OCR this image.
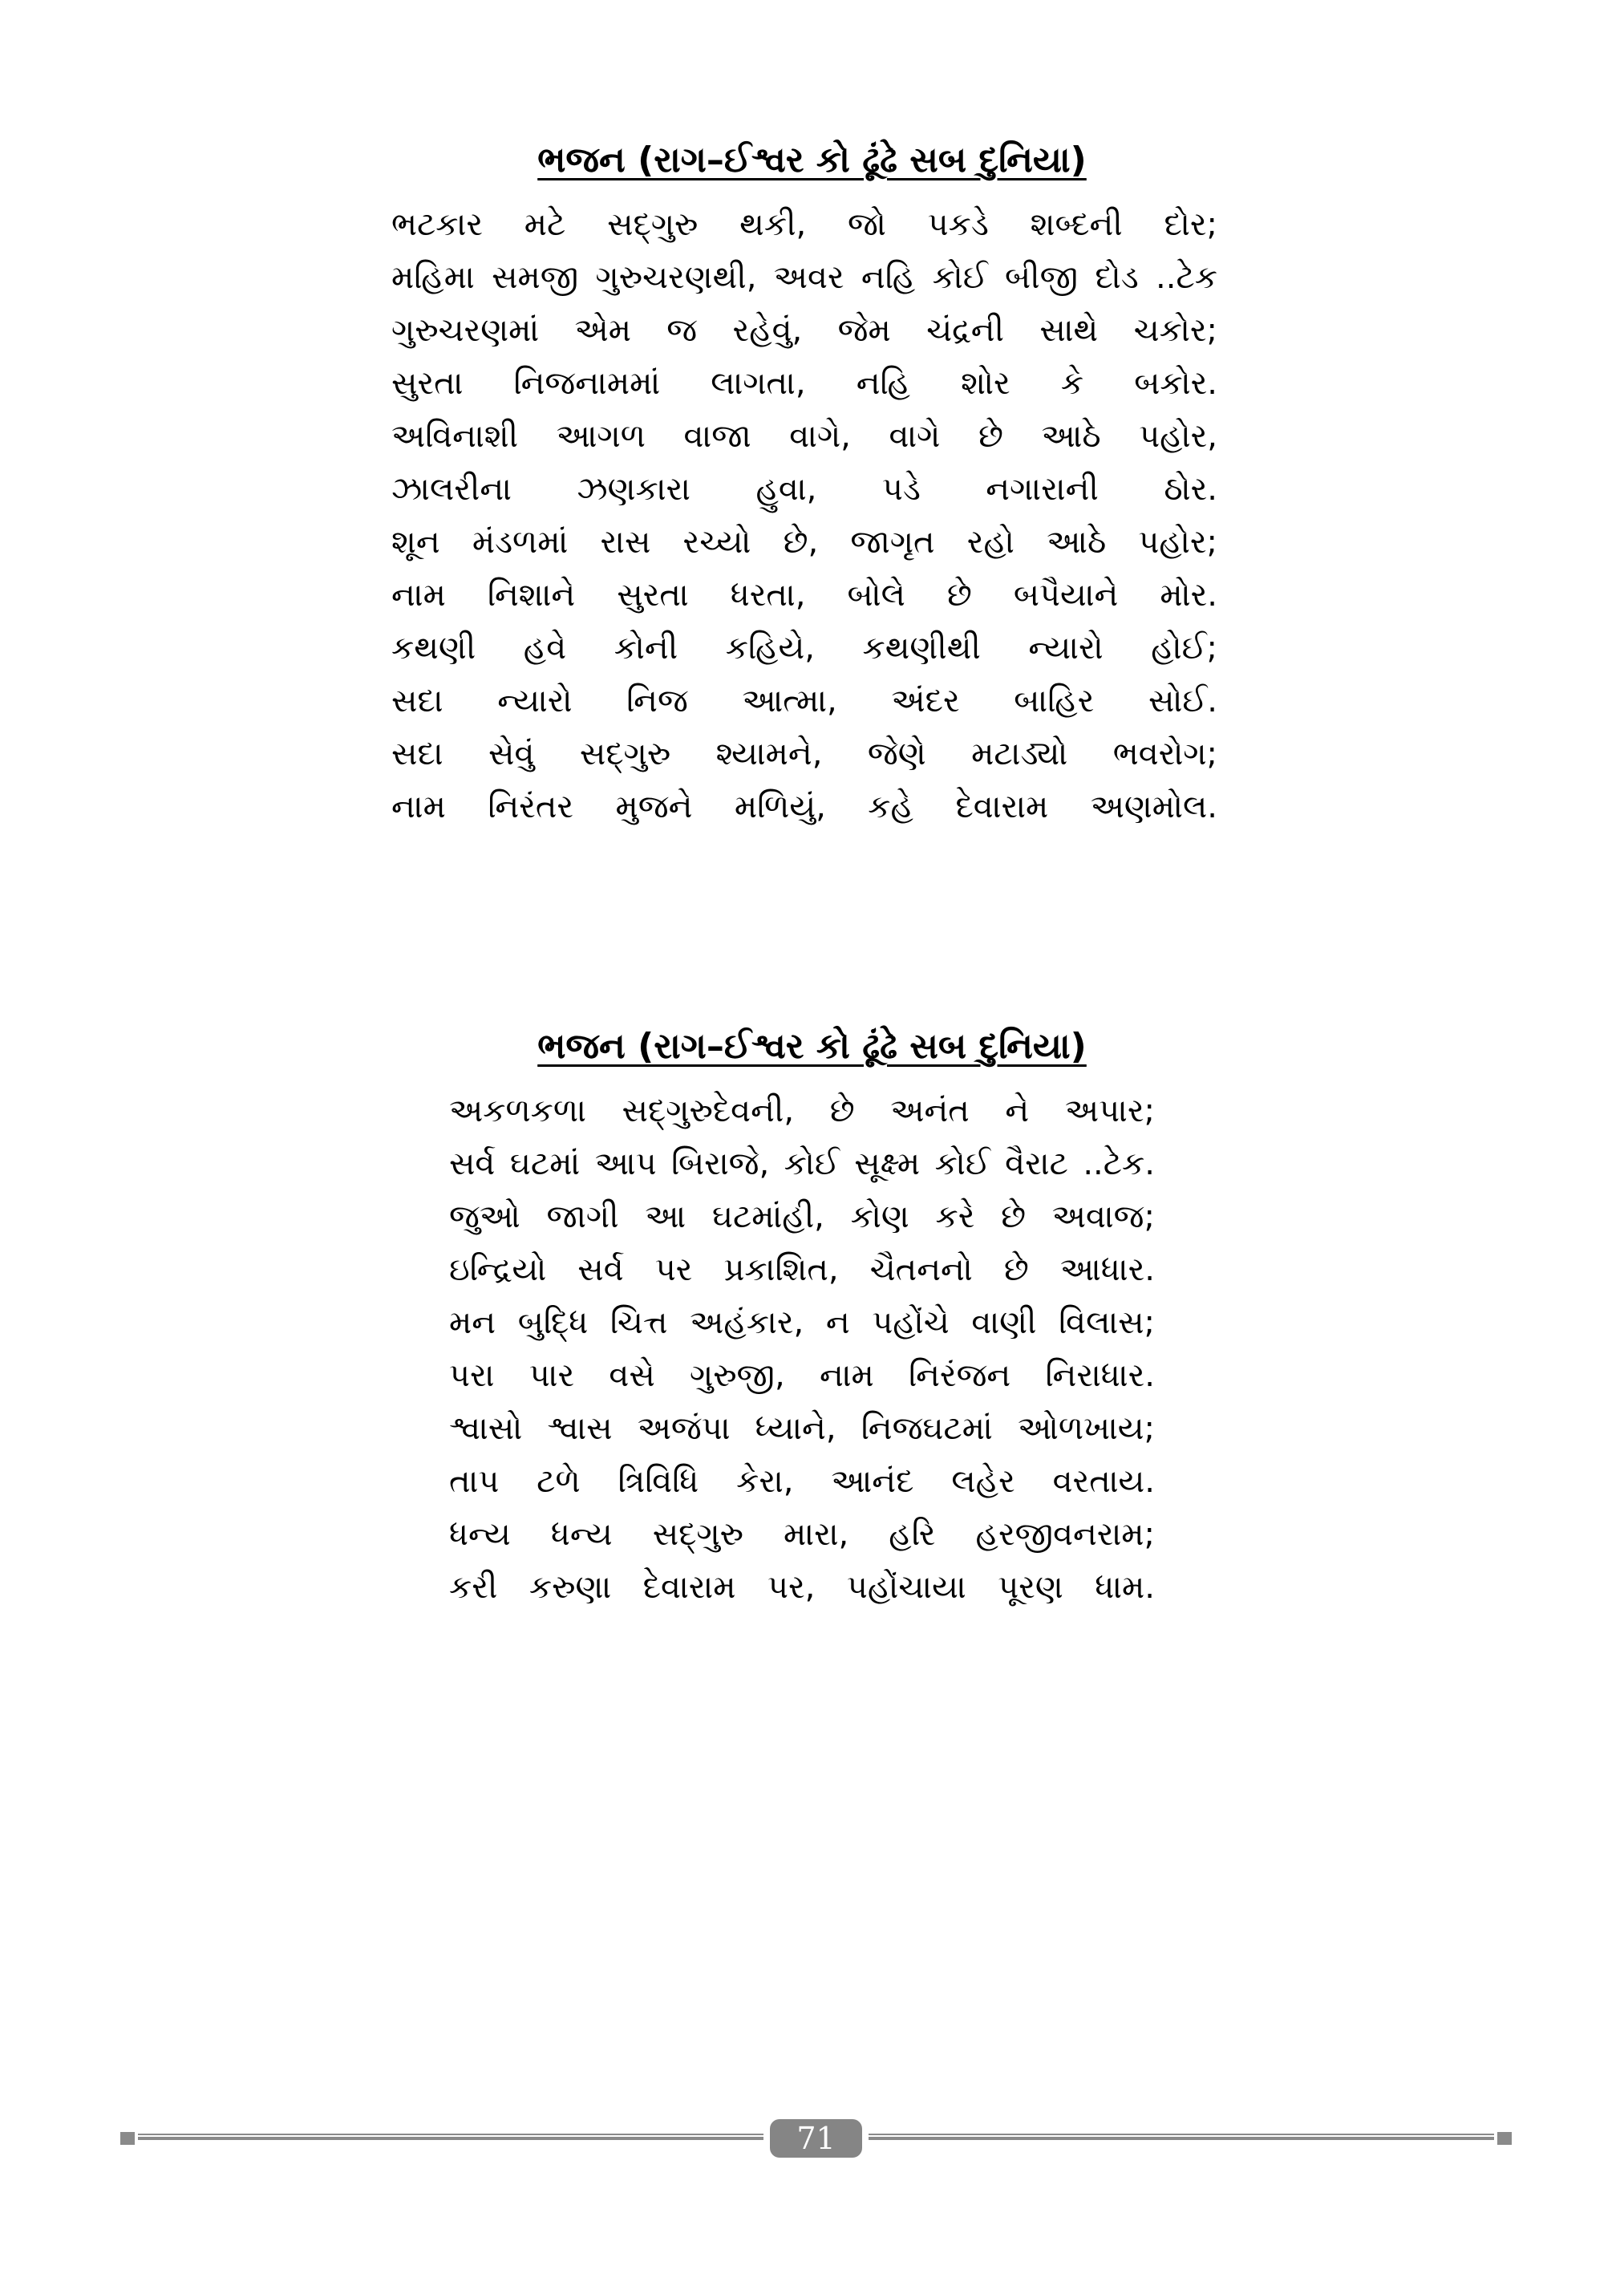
ભજન (રાગ–ઈશ્વર કો ઢૂંઢે સબ દુનિયા)
ભટકાર મટે સદ્‌ગુરુ થકી, જો પકડે શબ્દની દોર;
મહિમા સમજી ગુરુચરણથી, અવર નહિ કોઈ બીજી દોડ ..ટેક
ગુરુચરણમાં એમ જ રહેવું, જેમ ચંદ્રની સાથે ચકોર;
સુરતા નિજનામમાં લાગતા, નહિ શોર કે બકોર.
અવિનાશી આગળ વાજા વાગે, વાગે છે આઠે પહોર,
ઝાલરીના ઝણકારા હુવા, પડે નગારાની ઠોર.
શૂન મંડળમાં રાસ રચ્યો છે, જાગૃત રહો આઠે પહોર;
નામ નિશાને સુરતા ધરતા, બોલે છે બપૈયાને મોર.
કથણી હવે કોની કહિયે, કથણીથી ન્યારો હોઈ;
સદા ન્યારો નિજ આત્મા, અંદર બાહિર સોઈ.
સદા સેવું સદ્‌ગુરુ શ્યામને, જેણે મટાડ્યો ભવરોગ;
નામ નિરંતર મુજને મળિયું, કહે દેવારામ અણમોલ.
ભજન (રાગ–ઈશ્વર કો ઢૂંઢે સબ દુનિયા)
અકળકળા સદ્‌ગુરુદેવની, છે અનંત ને અપાર;
સર્વ ઘટમાં આપ બિરાજે, કોઈ સૂક્ષ્મ કોઈ વૈરાટ ..ટેક.
જુઓ જાગી આ ઘટમાંહી, કોણ કરે છે અવાજ;
ઇન્દ્રિયો સર્વ પર પ્રકાશિત, ચૈતનનો છે આધાર.
મન બુદ્ધિ ચિત્ત અહંકાર, ન પહોંચે વાણી વિલાસ;
પરા પાર વસે ગુરુજી, નામ નિરંજન નિરાધાર.
શ્વાસો શ્વાસ અજંપા ધ્યાને, નિજઘટમાં ઓળખાય;
તાપ ટળે ત્રિવિધિ કેરા, આનંદ લહેર વરતાય.
ધન્ય ધન્ય સદ્‌ગુરુ મારા, હરિ હરજીવનરામ;
કરી કરુણા દેવારામ પર, પહોંચાયા પૂરણ ધામ.
71
